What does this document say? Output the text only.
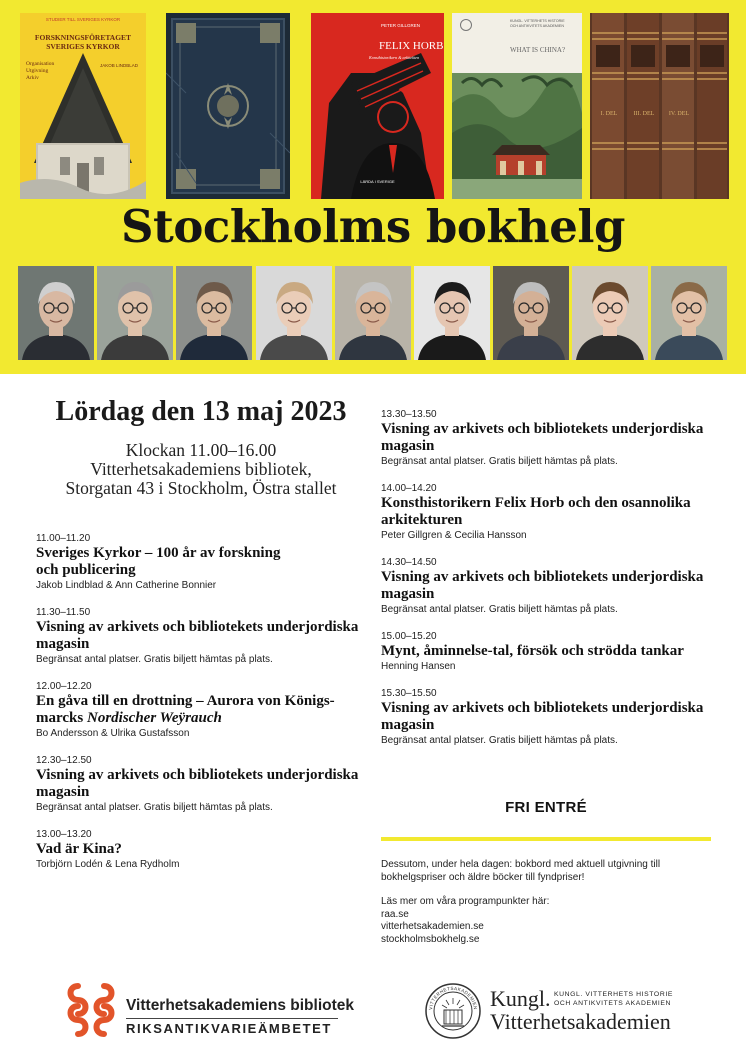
STUDIER TILL SVERIGES KYRKOR
FORSKNINGSFÖRETAGET
SVERIGES KYRKOR
Organisation
Utgivning
Arkiv
JAKOB LINDBLAD
PETER GILLGREN
FELIX HORB
Konsthistorikern & arkitekten
LÄRDA I SVERIGE
KUNGL. VITTERHETS HISTORIE
OCH ANTIKVITETS AKADEMIEN
WHAT IS CHINA?
I. DEL	III. DEL	IV. DEL
Stockholms bokhelg
Lördag den 13 maj 2023
Klockan 11.00–16.00
Vitterhetsakademiens bibliotek,
Storgatan 43 i Stockholm, Östra stallet
11.00–11.20
Sveriges Kyrkor – 100 år av forskning
och publicering
Jakob Lindblad & Ann Catherine Bonnier
11.30–11.50
Visning av arkivets och bibliotekets underjordiska
magasin
Begränsat antal platser. Gratis biljett hämtas på plats.
12.00–12.20
En gåva till en drottning – Aurora von Königs-
marcks Nordischer Weÿrauch
Bo Andersson & Ulrika Gustafsson
12.30–12.50
Visning av arkivets och bibliotekets underjordiska
magasin
Begränsat antal platser. Gratis biljett hämtas på plats.
13.00–13.20
Vad är Kina?
Torbjörn Lodén & Lena Rydholm
13.30–13.50
Visning av arkivets och bibliotekets underjordiska
magasin
Begränsat antal platser. Gratis biljett hämtas på plats.
14.00–14.20
Konsthistorikern Felix Horb och den osannolika
arkitekturen
Peter Gillgren & Cecilia Hansson
14.30–14.50
Visning av arkivets och bibliotekets underjordiska
magasin
Begränsat antal platser. Gratis biljett hämtas på plats.
15.00–15.20
Mynt, åminnelse-tal, försök och strödda tankar
Henning Hansen
15.30–15.50
Visning av arkivets och bibliotekets underjordiska
magasin
Begränsat antal platser. Gratis biljett hämtas på plats.
FRI ENTRÉ

Dessutom, under hela dagen: bokbord med aktuell utgivning till
bokhelgspriser och äldre böcker till fyndpriser!

Läs mer om våra programpunkter här:
raa.se
vitterhetsakademien.se
stockholmsbokhelg.se
Vitterhetsakademiens bibliotek
RIKSANTIKVARIEÄMBETET
VITTERHETSAKADEMIEN Kungl. KUNGL. VITTERHETS HISTORIE
OCH ANTIKVITETS AKADEMIEN
Vitterhetsakademien
